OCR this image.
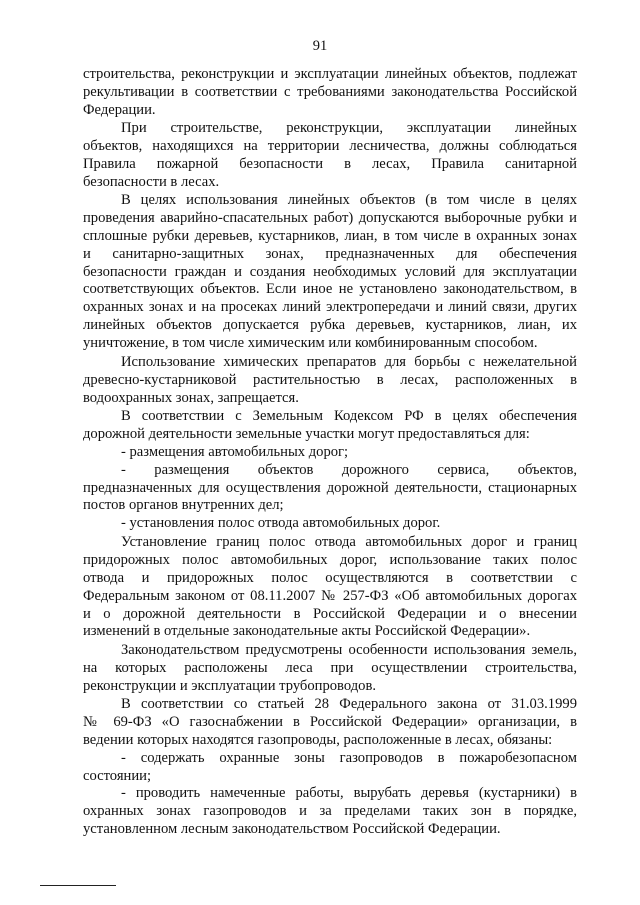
91
строительства, реконструкции и эксплуатации линейных объектов, подлежат
рекультивации в соответствии с требованиями законодательства Российской
Федерации.
При строительстве, реконструкции, эксплуатации линейных
объектов, находящихся на территории лесничества, должны соблюдаться
Правила пожарной безопасности в лесах, Правила санитарной
безопасности в лесах.
В целях использования линейных объектов (в том числе в целях
проведения аварийно-спасательных работ) допускаются выборочные рубки и
сплошные рубки деревьев, кустарников, лиан, в том числе в охранных зонах
и санитарно-защитных зонах, предназначенных для обеспечения
безопасности граждан и создания необходимых условий для эксплуатации
соответствующих объектов. Если иное не установлено законодательством, в
охранных зонах и на просеках линий электропередачи и линий связи, других
линейных объектов допускается рубка деревьев, кустарников, лиан, их
уничтожение, в том числе химическим или комбинированным способом.
Использование химических препаратов для борьбы с нежелательной
древесно-кустарниковой растительностью в лесах, расположенных в
водоохранных зонах, запрещается.
В соответствии с Земельным Кодексом РФ в целях обеспечения
дорожной деятельности земельные участки могут предоставляться для:
- размещения автомобильных дорог;
- размещения объектов дорожного сервиса, объектов,
предназначенных для осуществления дорожной деятельности, стационарных
постов органов внутренних дел;
- установления полос отвода автомобильных дорог.
Установление границ полос отвода автомобильных дорог и границ
придорожных полос автомобильных дорог, использование таких полос
отвода и придорожных полос осуществляются в соответствии с
Федеральным законом от 08.11.2007 № 257-ФЗ «Об автомобильных дорогах
и о дорожной деятельности в Российской Федерации и о внесении
изменений в отдельные законодательные акты Российской Федерации».
Законодательством предусмотрены особенности использования земель,
на которых расположены леса при осуществлении строительства,
реконструкции и эксплуатации трубопроводов.
В соответствии со статьей 28 Федерального закона от 31.03.1999
№ 69-ФЗ «О газоснабжении в Российской Федерации» организации, в
ведении которых находятся газопроводы, расположенные в лесах, обязаны:
- содержать охранные зоны газопроводов в пожаробезопасном
состоянии;
- проводить намеченные работы, вырубать деревья (кустарники) в
охранных зонах газопроводов и за пределами таких зон в порядке,
установленном лесным законодательством Российской Федерации.
